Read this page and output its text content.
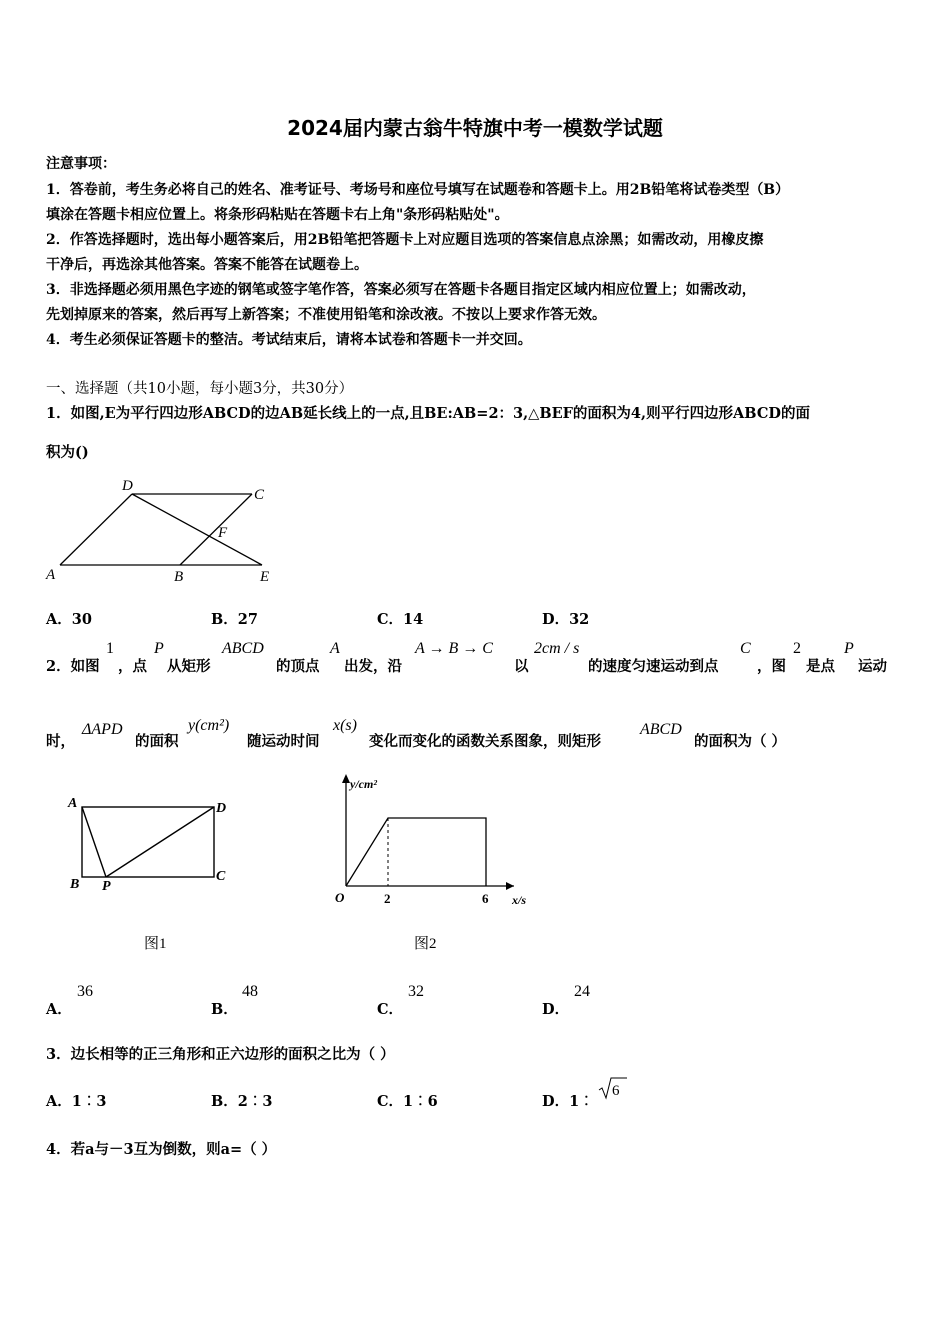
2024届内蒙古翁牛特旗中考一模数学试题
注意事项：
1．答卷前，考生务必将自己的姓名、准考证号、考场号和座位号填写在试题卷和答题卡上。用2B铅笔将试卷类型（B）
填涂在答题卡相应位置上。将条形码粘贴在答题卡右上角"条形码粘贴处"。
2．作答选择题时，选出每小题答案后，用2B铅笔把答题卡上对应题目选项的答案信息点涂黑；如需改动，用橡皮擦
干净后，再选涂其他答案。答案不能答在试题卷上。
3．非选择题必须用黑色字迹的钢笔或签字笔作答，答案必须写在答题卡各题目指定区域内相应位置上；如需改动，
先划掉原来的答案，然后再写上新答案；不准使用铅笔和涂改液。不按以上要求作答无效。
4．考生必须保证答题卡的整洁。考试结束后，请将本试卷和答题卡一并交回。
一、选择题（共10小题，每小题3分，共30分）
1．如图,E为平行四边形ABCD的边AB延长线上的一点,且BE:AB=2：3,△BEF的面积为4,则平行四边形ABCD的面
积为()
D
C
F
A	B	E
A．30	B．27	C．14	D．32
2．如图
1
，点
P
从矩形
ABCD
的顶点
A
出发，沿
A → B → C
以
2cm / s
的速度匀速运动到点
C
，图
2
是点
P
运动
时，
ΔAPD
的面积
y(cm²)
随运动时间
x(s)
变化而变化的函数关系图象，则矩形
ABCD
的面积为（ ）
A	D
B P
C
图1
y/cm²
x/s
O	2	6
图2
A．
36
B．
48
C．
32
D．
24
3．边长相等的正三角形和正六边形的面积之比为（ ）
A．1︰3	B．2︰3	C．1︰6	D．1︰
6
4．若a与－3互为倒数，则a=（ ）
